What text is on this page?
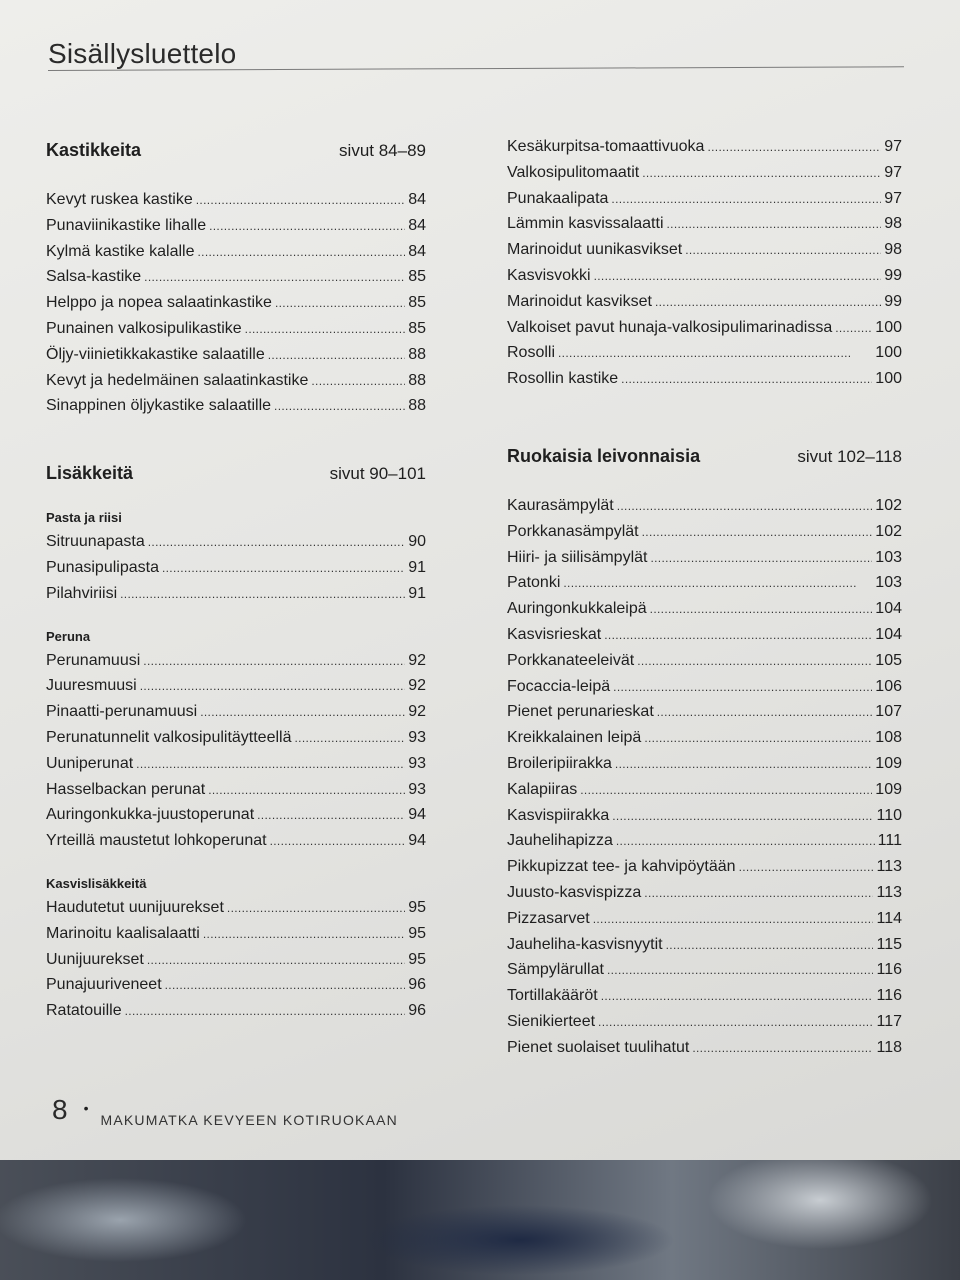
Sisällysluettelo
Kastikkeita	sivut 84–89
Kevyt ruskea kastike . . .	84
Punaviinikastike lihalle . . .	84
Kylmä kastike kalalle . . .	84
Salsa-kastike . . .	85
Helppo ja nopea salaatinkastike . . .	85
Punainen valkosipulikastike . . .	85
Öljy-viinietikkakastike salaatille . . .	88
Kevyt ja hedelmäinen salaatinkastike . . .	88
Sinappinen öljykastike salaatille . . .	88
Lisäkkeitä	sivut 90–101
Pasta ja riisi
Sitruunapasta . . .	90
Punasipulipasta . . .	91
Pilahviriisi . . .	91
Peruna
Perunamuusi . . .	92
Juuresmuusi . . .	92
Pinaatti-perunamuusi . . .	92
Perunatunnelit valkosipulitäytteellä . . .	93
Uuniperunat . . .	93
Hasselbackan perunat . . .	93
Auringonkukka-juustoperunat . . .	94
Yrteillä maustetut lohkoperunat . . .	94
Kasvislisäkkeitä
Haudutetut uunijuurekset . . .	95
Marinoitu kaalisalaatti . . .	95
Uunijuurekset . . .	95
Punajuuriveneet . . .	96
Ratatouille . . .	96
Kesäkurpitsa-tomaattivuoka . . .	97
Valkosipulitomaatit . . .	97
Punakaalipata . . .	97
Lämmin kasvissalaatti . . .	98
Marinoidut uunikasvikset . . .	98
Kasvisvokki . . .	99
Marinoidut kasvikset . . .	99
Valkoiset pavut hunaja-valkosipulimarinadissa . . .	100
Rosolli . . .	100
Rosollin kastike . . .	100
Ruokaisia leivonnaisia	sivut 102–118
Kaurasämpylät . . .	102
Porkkanasämpylät . . .	102
Hiiri- ja siilisämpylät . . .	103
Patonki . . .	103
Auringonkukkaleipä . . .	104
Kasvisrieskat . . .	104
Porkkanateeleivät . . .	105
Focaccia-leipä . . .	106
Pienet perunarieskat . . .	107
Kreikkalainen leipä . . .	108
Broileripiirakka . . .	109
Kalapiiras . . .	109
Kasvispiirakka . . .	110
Jauhelihapizza . . .	111
Pikkupizzat tee- ja kahvipöytään . . .	113
Juusto-kasvispizza . . .	113
Pizzasarvet . . .	114
Jauheliha-kasvisnyytit . . .	115
Sämpylärullat . . .	116
Tortillakääröt . . .	116
Sienikierteet . . .	117
Pienet suolaiset tuulihatut . . .	118
8 •
MAKUMATKA KEVYEEN KOTIRUOKAAN
